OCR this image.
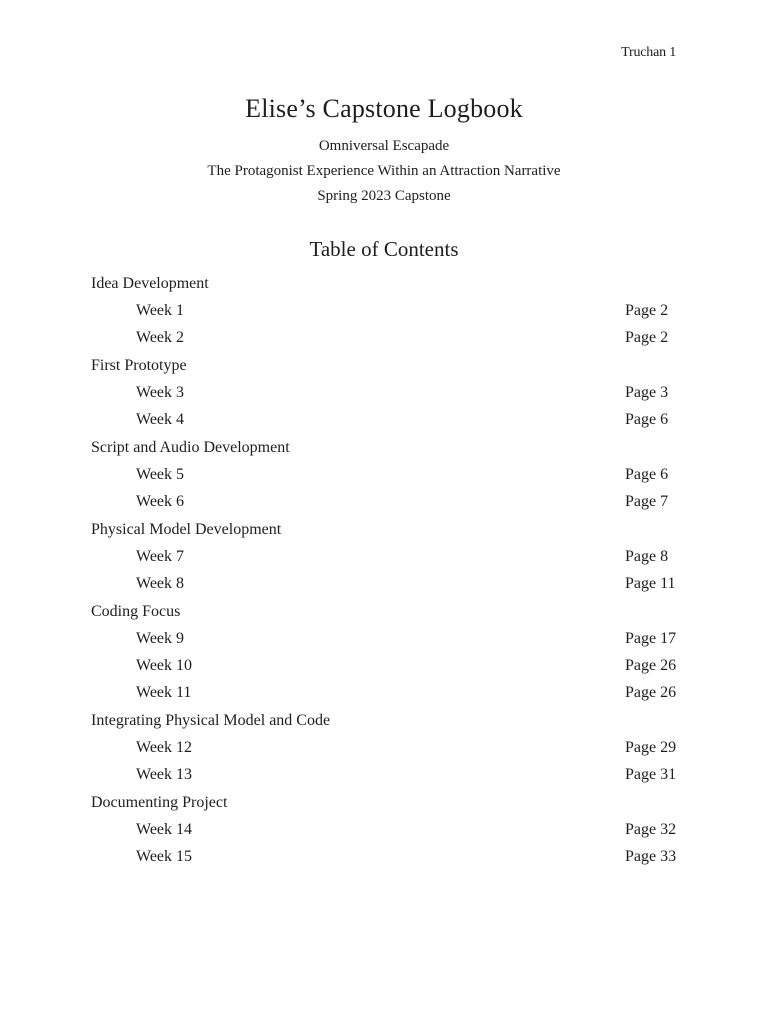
Truchan 1
Elise’s Capstone Logbook
Omniversal Escapade
The Protagonist Experience Within an Attraction Narrative
Spring 2023 Capstone
Table of Contents
Idea Development
Week 1	Page 2
Week 2	Page 2
First Prototype
Week 3	Page 3
Week 4	Page 6
Script and Audio Development
Week 5	Page 6
Week 6	Page 7
Physical Model Development
Week 7	Page 8
Week 8	Page 11
Coding Focus
Week 9	Page 17
Week 10	Page 26
Week 11	Page 26
Integrating Physical Model and Code
Week 12	Page 29
Week 13	Page 31
Documenting Project
Week 14	Page 32
Week 15	Page 33
